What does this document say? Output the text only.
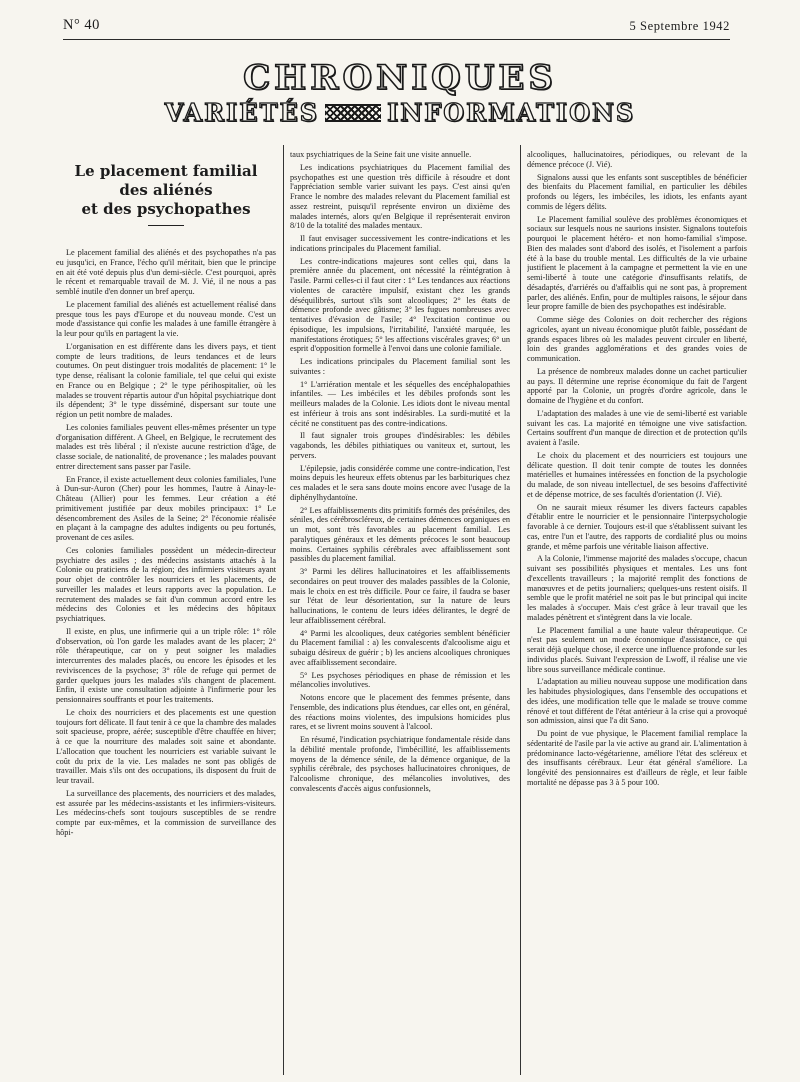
N° 40	5 Septembre 1942
CHRONIQUES
VARIÉTÉS	INFORMATIONS
Le placement familial
des aliénés
et des psychopathes

Le placement familial des aliénés et des psychopathes n'a pas eu jusqu'ici, en France, l'écho qu'il méritait, bien que le principe en ait été voté depuis plus d'un demi-siècle. C'est pourquoi, après le récent et remarquable travail de M. J. Vié, il ne nous a pas semblé inutile d'en donner un bref aperçu.

Le placement familial des aliénés est actuellement réalisé dans presque tous les pays d'Europe et du nouveau monde. C'est un mode d'assistance qui confie les malades à une famille étrangère à la leur pour qu'ils en partagent la vie.

L'organisation en est différente dans les divers pays, et tient compte de leurs traditions, de leurs tendances et de leurs coutumes. On peut distinguer trois modalités de placement: 1° le type dense, réalisant la colonie familiale, tel que celui qui existe en France ou en Belgique ; 2° le type périhospitalier, où les malades se trouvent répartis autour d'un hôpital psychiatrique dont ils dépendent; 3° le type disséminé, dispersant sur toute une région un petit nombre de malades.

Les colonies familiales peuvent elles-mêmes présenter un type d'organisation différent. A Gheel, en Belgique, le recrutement des malades est très libéral ; il n'existe aucune restriction d'âge, de classe sociale, de nationalité, de provenance ; les malades pouvant entrer directement sans passer par l'asile.

En France, il existe actuellement deux colonies familiales, l'une à Dun-sur-Auron (Cher) pour les hommes, l'autre à Ainay-le-Château (Allier) pour les femmes. Leur création a été primitivement justifiée par deux mobiles principaux: 1° Le désencombrement des Asiles de la Seine; 2° l'économie réalisée en plaçant à la campagne des adultes indigents ou peu fortunés, provenant de ces asiles.

Ces colonies familiales possèdent un médecin-directeur psychiatre des asiles ; des médecins assistants attachés à la Colonie ou praticiens de la région; des infirmiers visiteurs ayant pour objet de contrôler les nourriciers et les placements, de surveiller les malades et leurs rapports avec la population. Le recrutement des malades se fait d'un commun accord entre les médecins des Colonies et les médecins des hôpitaux psychiatriques.

Il existe, en plus, une infirmerie qui a un triple rôle: 1° rôle d'observation, où l'on garde les malades avant de les placer; 2° rôle thérapeutique, car on y peut soigner les maladies intercurrentes des malades placés, ou encore les épisodes et les reviviscences de la psychose; 3° rôle de refuge qui permet de garder quelques jours les malades s'ils changent de placement. Enfin, il existe une consultation adjointe à l'infirmerie pour les pensionnaires souffrants et pour les traitements.

Le choix des nourriciers et des placements est une question toujours fort délicate. Il faut tenir à ce que la chambre des malades soit spacieuse, propre, aérée; susceptible d'être chauffée en hiver; à ce que la nourriture des malades soit saine et abondante. L'allocation que touchent les nourriciers est variable suivant le coût du prix de la vie. Les malades ne sont pas obligés de travailler. Mais s'ils ont des occupations, ils disposent du fruit de leur travail.

La surveillance des placements, des nourriciers et des malades, est assurée par les médecins-assistants et les infirmiers-visiteurs. Les médecins-chefs sont toujours susceptibles de se rendre compte par eux-mêmes, et la commission de surveillance des hôpi-

taux psychiatriques de la Seine fait une visite annuelle.

Les indications psychiatriques du Placement familial des psychopathes est une question très difficile à résoudre et dont l'appréciation semble varier suivant les pays. C'est ainsi qu'en France le nombre des malades relevant du Placement familial est assez restreint, puisqu'il représente environ un dixième des malades internés, alors qu'en Belgique il représenterait environ 8/10 de la totalité des malades mentaux.

Il faut envisager successivement les contre-indications et les indications principales du Placement familial.

Les contre-indications majeures sont celles qui, dans la première année du placement, ont nécessité la réintégration à l'asile. Parmi celles-ci il faut citer : 1° Les tendances aux réactions violentes de caractère impulsif, existant chez les grands déséquilibrés, surtout s'ils sont alcooliques; 2° les états de démence profonde avec gâtisme; 3° les fugues nombreuses avec tentatives d'évasion de l'asile; 4° l'excitation continue ou épisodique, les impulsions, l'irritabilité, l'anxiété marquée, les manifestations érotiques; 5° les affections viscérales graves; 6° un esprit d'opposition formelle à l'envoi dans une colonie familiale.

Les indications principales du Placement familial sont les suivantes :

1° L'arriération mentale et les séquelles des encéphalopathies infantiles. — Les imbéciles et les débiles profonds sont les meilleurs malades de la Colonie. Les idiots dont le niveau mental est inférieur à trois ans sont indésirables. La surdi-mutité et la cécité ne constituent pas des contre-indications.

Il faut signaler trois groupes d'indésirables: les débiles vagabonds, les débiles pithiatiques ou vaniteux et, surtout, les pervers.

L'épilepsie, jadis considérée comme une contre-indication, l'est moins depuis les heureux effets obtenus par les barbituriques chez ces malades et le sera sans doute moins encore avec l'usage de la diphénylhydantoïne.

2° Les affaiblissements dits primitifs formés des préséniles, des séniles, des cérébroscléreux, de certaines démences organiques en un mot, sont très favorables au placement familial. Les paralytiques généraux et les déments précoces le sont beaucoup moins. Certaines syphilis cérébrales avec affaiblissement sont passibles du placement familial.

3° Parmi les délires hallucinatoires et les affaiblissements secondaires on peut trouver des malades passibles de la Colonie, mais le choix en est très difficile. Pour ce faire, il faudra se baser sur l'état de leur désorientation, sur la nature de leurs hallucinations, le contenu de leurs idées délirantes, le degré de leur affaiblissement cérébral.

4° Parmi les alcooliques, deux catégories semblent bénéficier du Placement familial : a) les convalescents d'alcoolisme aigu et subaigu désireux de guérir ; b) les anciens alcooliques chroniques avec affaiblissement secondaire.

5° Les psychoses périodiques en phase de rémission et les mélancolies involutives.

Notons encore que le placement des femmes présente, dans l'ensemble, des indications plus étendues, car elles ont, en général, des réactions moins violentes, des impulsions homicides plus rares, et se livrent moins souvent à l'alcool.

En résumé, l'indication psychiatrique fondamentale réside dans la débilité mentale profonde, l'imbécillité, les affaiblissements moyens de la démence sénile, de la démence organique, de la syphilis cérébrale, des psychoses hallucinatoires chroniques, de l'alcoolisme chronique, des mélancolies involutives, des convalescents d'accès aigus confusionnels,

alcooliques, hallucinatoires, périodiques, ou relevant de la démence précoce (J. Vié).

Signalons aussi que les enfants sont susceptibles de bénéficier des bienfaits du Placement familial, en particulier les débiles profonds ou légers, les imbéciles, les idiots, les enfants ayant commis de légers délits.

Le Placement familial soulève des problèmes économiques et sociaux sur lesquels nous ne saurions insister. Signalons toutefois pourquoi le placement hétéro- et non homo-familial s'impose. Bien des malades sont d'abord des isolés, et l'isolement a parfois été à la base du trouble mental. Les difficultés de la vie urbaine justifient le placement à la campagne et permettent la vie en une semi-liberté à toute une catégorie d'insuffisants relatifs, de désadaptés, d'arriérés ou d'affaiblis qui ne sont pas, à proprement parler, des aliénés. Enfin, pour de multiples raisons, le séjour dans leur propre famille de bien des psychopathes est indésirable.

Comme siège des Colonies on doit rechercher des régions agricoles, ayant un niveau économique plutôt faible, possédant de grands espaces libres où les malades peuvent circuler en liberté, loin des grandes agglomérations et des grandes voies de communication.

La présence de nombreux malades donne un cachet particulier au pays. Il détermine une reprise économique du fait de l'argent apporté par la Colonie, un progrès d'ordre agricole, dans le domaine de l'hygiène et du confort.

L'adaptation des malades à une vie de semi-liberté est variable suivant les cas. La majorité en témoigne une vive satisfaction. Certains souffrent d'un manque de direction et de protection qu'ils avaient à l'asile.

Le choix du placement et des nourriciers est toujours une délicate question. Il doit tenir compte de toutes les données matérielles et humaines intéressées en fonction de la psychologie du malade, de son niveau intellectuel, de ses besoins d'affectivité et de dépense motrice, de ses facultés d'orientation (J. Vié).

On ne saurait mieux résumer les divers facteurs capables d'établir entre le nourricier et le pensionnaire l'interpsychologie favorable à ce dernier. Toujours est-il que s'établissent suivant les cas, entre l'un et l'autre, des rapports de cordialité plus ou moins grande, et même parfois une véritable liaison affective.

A la Colonie, l'immense majorité des malades s'occupe, chacun suivant ses possibilités physiques et mentales. Les uns font d'excellents travailleurs ; la majorité remplit des fonctions de manœuvres et de petits journaliers; quelques-uns restent oisifs. Il semble que le profit matériel ne soit pas le but principal qui incite les malades à s'occuper. Mais c'est grâce à leur travail que les malades pénètrent et s'intègrent dans la vie locale.

Le Placement familial a une haute valeur thérapeutique. Ce n'est pas seulement un mode économique d'assistance, ce qui serait déjà quelque chose, il exerce une influence profonde sur les individus placés. Suivant l'expression de Lwoff, il réalise une vie libre sous surveillance médicale continue.

L'adaptation au milieu nouveau suppose une modification dans les habitudes physiologiques, dans l'ensemble des occupations et des idées, une modification telle que le malade se trouve comme rénové et tout différent de l'état antérieur à la crise qui a provoqué son admission, ainsi que l'a dit Sano.

Du point de vue physique, le Placement familial remplace la sédentarité de l'asile par la vie active au grand air. L'alimentation à prédominance lacto-végétarienne, améliore l'état des scléreux et des insuffisants cérébraux. Leur état général s'améliore. La longévité des pensionnaires est d'ailleurs de règle, et leur faible mortalité ne dépasse pas 3 à 5 pour 100.
